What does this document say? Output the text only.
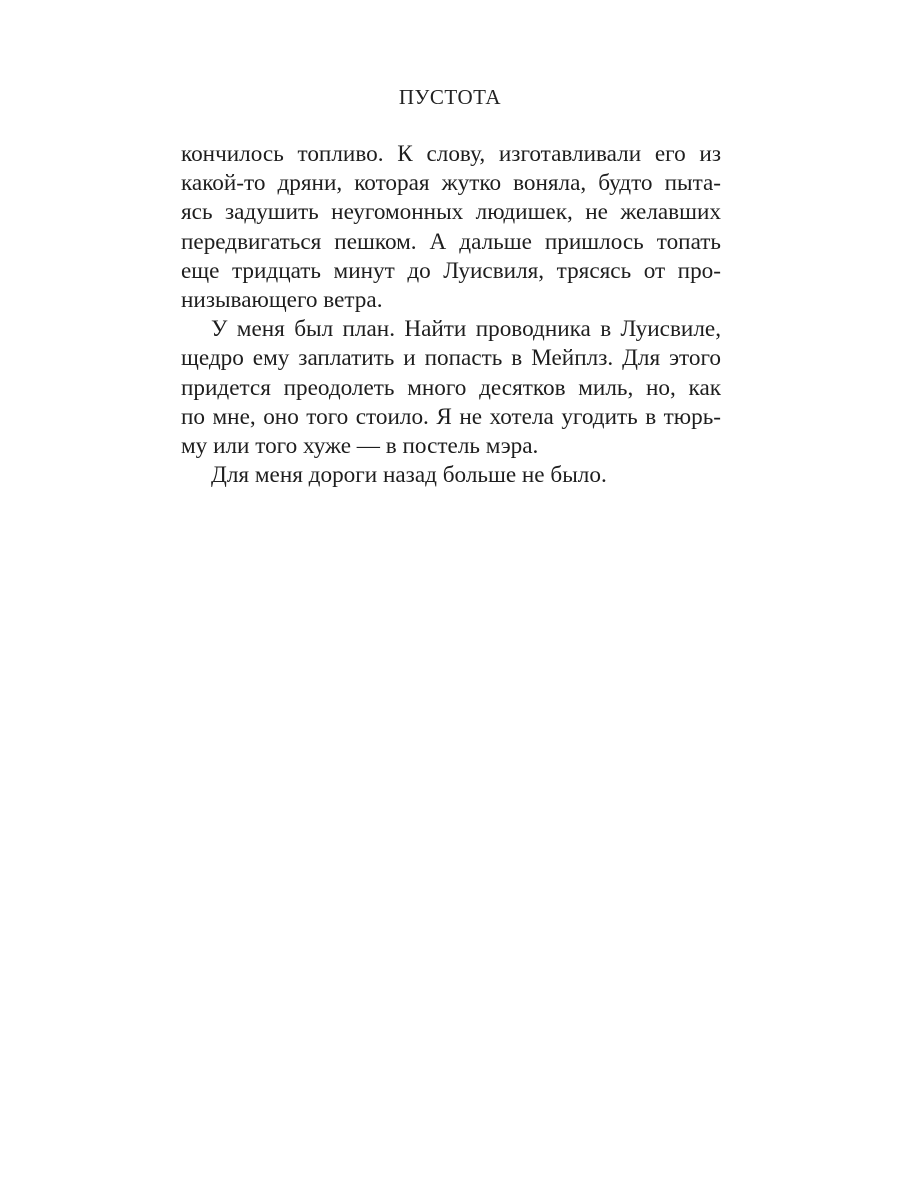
ПУСТОТА
кончилось топливо. К слову, изготавливали его из
какой-то дряни, которая жутко воняла, будто пыта-
ясь задушить неугомонных людишек, не желавших
передвигаться пешком. А дальше пришлось топать
еще тридцать минут до Луисвиля, трясясь от про-
низывающего ветра.
У меня был план. Найти проводника в Луисвиле,
щедро ему заплатить и попасть в Мейплз. Для этого
придется преодолеть много десятков миль, но, как
по мне, оно того стоило. Я не хотела угодить в тюрь-
му или того хуже — в постель мэра.
Для меня дороги назад больше не было.
